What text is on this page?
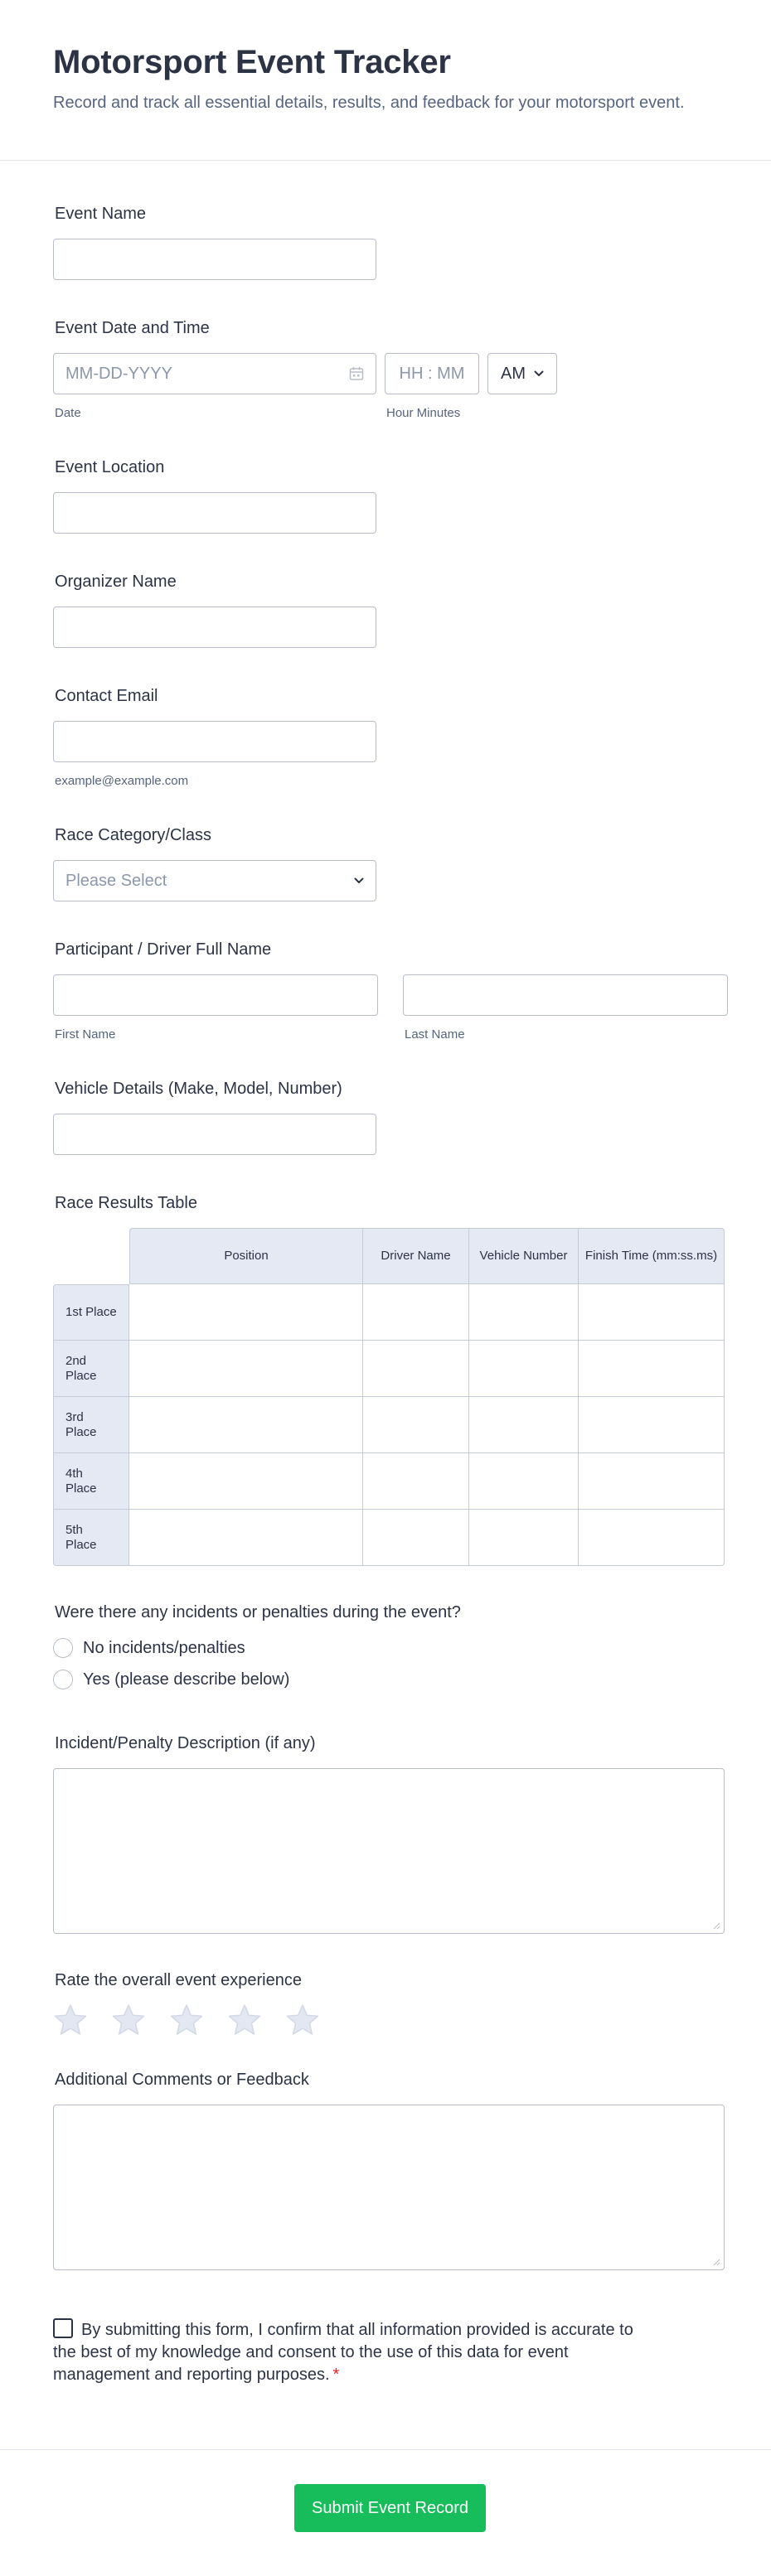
Motorsport Event Tracker

Record and track all essential details, results, and feedback for your motorsport event.

Event Name
Event Date and Time
MM-DD-YYYY
Date
HH : MM
Hour Minutes
AM
Event Location
Organizer Name
Contact Email
example@example.com
Race Category/Class
Please Select
Participant / Driver Full Name
First Name	Last Name
Vehicle Details (Make, Model, Number)
Race Results Table
	Position	Driver Name	Vehicle Number	Finish Time (mm:ss.ms)
1st Place				
2nd Place				
3rd Place				
4th Place				
5th Place				
Were there any incidents or penalties during the event?
No incidents/penalties
Yes (please describe below)
Incident/Penalty Description (if any)
Rate the overall event experience
Additional Comments or Feedback
By submitting this form, I confirm that all information provided is accurate to the best of my knowledge and consent to the use of this data for event management and reporting purposes. *
Submit Event Record
